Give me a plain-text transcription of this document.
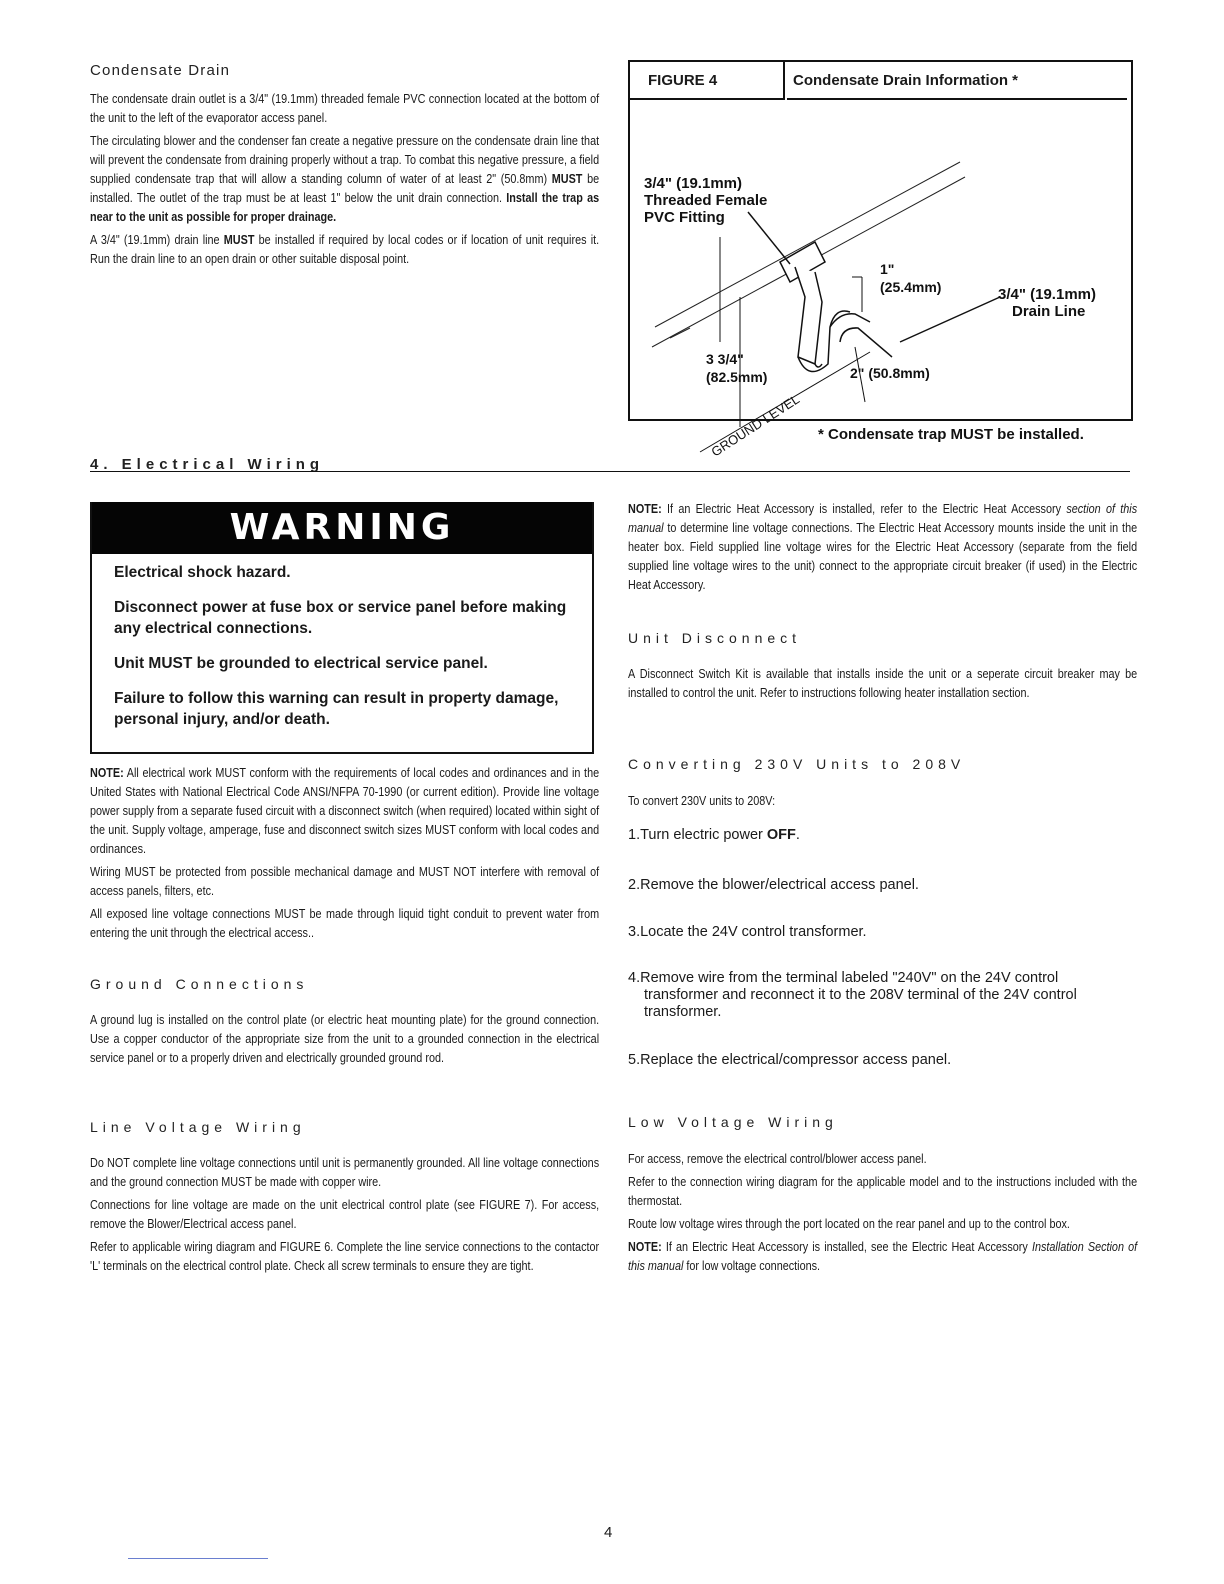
Condensate Drain

The condensate drain outlet is a 3/4" (19.1mm) threaded female PVC connection located at the bottom of the unit to the left of the evaporator access panel.

The circulating blower and the condenser fan create a negative pressure on the condensate drain line that will prevent the condensate from draining properly without a trap. To combat this negative pressure, a field supplied condensate trap that will allow a standing column of water of at least 2" (50.8mm) MUST be installed. The outlet of the trap must be at least 1" below the unit drain connection. Install the trap as near to the unit as possible for proper drainage.

A 3/4" (19.1mm) drain line MUST be installed if required by local codes or if location of unit requires it. Run the drain line to an open drain or other suitable disposal point.

FIGURE 4	Condensate Drain Information *
3/4" (19.1mm)
Threaded Female
PVC Fitting
1"
(25.4mm)	3/4" (19.1mm)
Drain Line
3 3/4"
(82.5mm)	2" (50.8mm)
GROUND LEVEL * Condensate trap MUST be installed.
4. Electrical Wiring
WARNING

Electrical shock hazard.

Disconnect power at fuse box or service panel before making any electrical connections.

Unit MUST be grounded to electrical service panel.

Failure to follow this warning can result in property damage, personal injury, and/or death.

NOTE: All electrical work MUST conform with the requirements of local codes and ordinances and in the United States with National Electrical Code ANSI/NFPA 70-1990 (or current edition). Provide line voltage power supply from a separate fused circuit with a disconnect switch (when required) located within sight of the unit. Supply voltage, amperage, fuse and disconnect switch sizes MUST conform with local codes and ordinances.

Wiring MUST be protected from possible mechanical damage and MUST NOT interfere with removal of access panels, filters, etc.

All exposed line voltage connections MUST be made through liquid tight conduit to prevent water from entering the unit through the electrical access..

Ground Connections

A ground lug is installed on the control plate (or electric heat mounting plate) for the ground connection. Use a copper conductor of the appropriate size from the unit to a grounded connection in the electrical service panel or to a properly driven and electrically grounded ground rod.

Line Voltage Wiring

Do NOT complete line voltage connections until unit is permanently grounded. All line voltage connections and the ground connection MUST be made with copper wire.

Connections for line voltage are made on the unit electrical control plate (see FIGURE 7). For access, remove the Blower/Electrical access panel.

Refer to applicable wiring diagram and FIGURE 6. Complete the line service connections to the contactor 'L' terminals on the electrical control plate. Check all screw terminals to ensure they are tight.

NOTE: If an Electric Heat Accessory is installed, refer to the Electric Heat Accessory section of this manual to determine line voltage connections. The Electric Heat Accessory mounts inside the unit in the heater box. Field supplied line voltage wires for the Electric Heat Accessory (separate from the field supplied line voltage wires to the unit) connect to the appropriate circuit breaker (if used) in the Electric Heat Accessory.

Unit Disconnect

A Disconnect Switch Kit is available that installs inside the unit or a seperate circuit breaker may be installed to control the unit. Refer to instructions following heater installation section.

Converting 230V Units to 208V

To convert 230V units to 208V:

1.Turn electric power OFF.
2.Remove the blower/electrical access panel.
3.Locate the 24V control transformer.
4.Remove wire from the terminal labeled "240V" on the 24V control transformer and reconnect it to the 208V terminal of the 24V control transformer.
5.Replace the electrical/compressor access panel.
Low Voltage Wiring

For access, remove the electrical control/blower access panel.

Refer to the connection wiring diagram for the applicable model and to the instructions included with the thermostat.

Route low voltage wires through the port located on the rear panel and up to the control box.

NOTE: If an Electric Heat Accessory is installed, see the Electric Heat Accessory Installation Section of this manual for low voltage connections.

4
